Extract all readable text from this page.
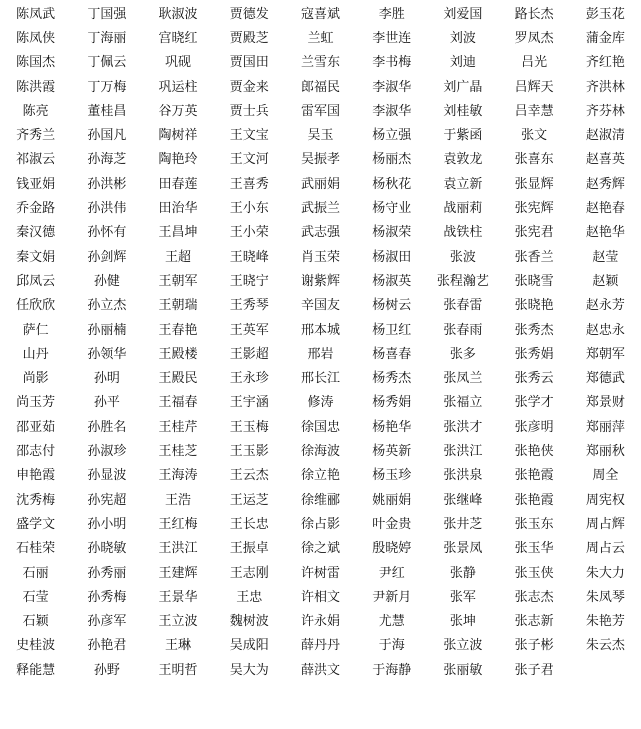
陈凤武	丁国强	耿淑波	贾德发	寇喜斌	李胜	刘爱国	路长杰	彭玉花
陈凤侠	丁海丽	宫晓红	贾殿芝	兰虹	李世连	刘波	罗凤杰	蒲金库
陈国杰	丁佩云	巩砚	贾国田	兰雪东	李书梅	刘迪	吕光	齐红艳
陈洪霞	丁万梅	巩运柱	贾金来	郎福民	李淑华	刘广晶	吕辉天	齐洪林
陈亮	董桂昌	谷万英	贾士兵	雷军国	李淑华	刘桂敏	吕幸慧	齐芬林
齐秀兰	孙国凡	陶树祥	王文宝	吴玉	杨立强	于紫函	张文	赵淑清
祁淑云	孙海芝	陶艳玲	王文河	吴振孝	杨丽杰	袁敦龙	张喜东	赵喜英
钱亚娟	孙洪彬	田春莲	王喜秀	武丽娟	杨秋花	袁立新	张显辉	赵秀辉
乔金路	孙洪伟	田治华	王小东	武振兰	杨守业	战丽莉	张宪辉	赵艳春
秦汉德	孙怀有	王昌坤	王小荣	武志强	杨淑荣	战铁柱	张宪君	赵艳华
秦文娟	孙剑辉	王超	王晓峰	肖玉荣	杨淑田	张波	张香兰	赵莹
邱凤云	孙健	王朝军	王晓宁	谢紫辉	杨淑英	张程瀚艺	张晓雪	赵颖
任欣欣	孙立杰	王朝瑞	王秀琴	辛国友	杨树云	张春雷	张晓艳	赵永芳
萨仁	孙丽楠	王春艳	王英军	邢本城	杨卫红	张春雨	张秀杰	赵忠永
山丹	孙领华	王殿楼	王影超	邢岩	杨喜春	张多	张秀娟	郑朝军
尚影	孙明	王殿民	王永珍	邢长江	杨秀杰	张凤兰	张秀云	郑德武
尚玉芳	孙平	王福春	王宇涵	修涛	杨秀娟	张福立	张学才	郑景财
邵亚茹	孙胜名	王桂芹	王玉梅	徐国忠	杨艳华	张洪才	张彦明	郑丽萍
邵志付	孙淑珍	王桂芝	王玉影	徐海波	杨英新	张洪江	张艳侠	郑丽秋
申艳霞	孙显波	王海涛	王云杰	徐立艳	杨玉珍	张洪泉	张艳霞	周全
沈秀梅	孙宪超	王浩	王运芝	徐维郦	姚丽娟	张继峰	张艳霞	周宪权
盛学文	孙小明	王红梅	王长忠	徐占影	叶金贵	张井芝	张玉东	周占辉
石桂荣	孙晓敏	王洪江	王振卓	徐之斌	殷晓婷	张景凤	张玉华	周占云
石丽	孙秀丽	王建辉	王志刚	许树雷	尹红	张静	张玉侠	朱大力
石莹	孙秀梅	王景华	王忠	许相文	尹新月	张军	张志杰	朱凤琴
石颖	孙彦军	王立波	魏树波	许永娟	尤慧	张坤	张志新	朱艳芳
史桂波	孙艳君	王琳	吴成阳	薛丹丹	于海	张立波	张子彬	朱云杰
释能慧	孙野	王明哲	吴大为	薛洪文	于海静	张丽敏	张子君
